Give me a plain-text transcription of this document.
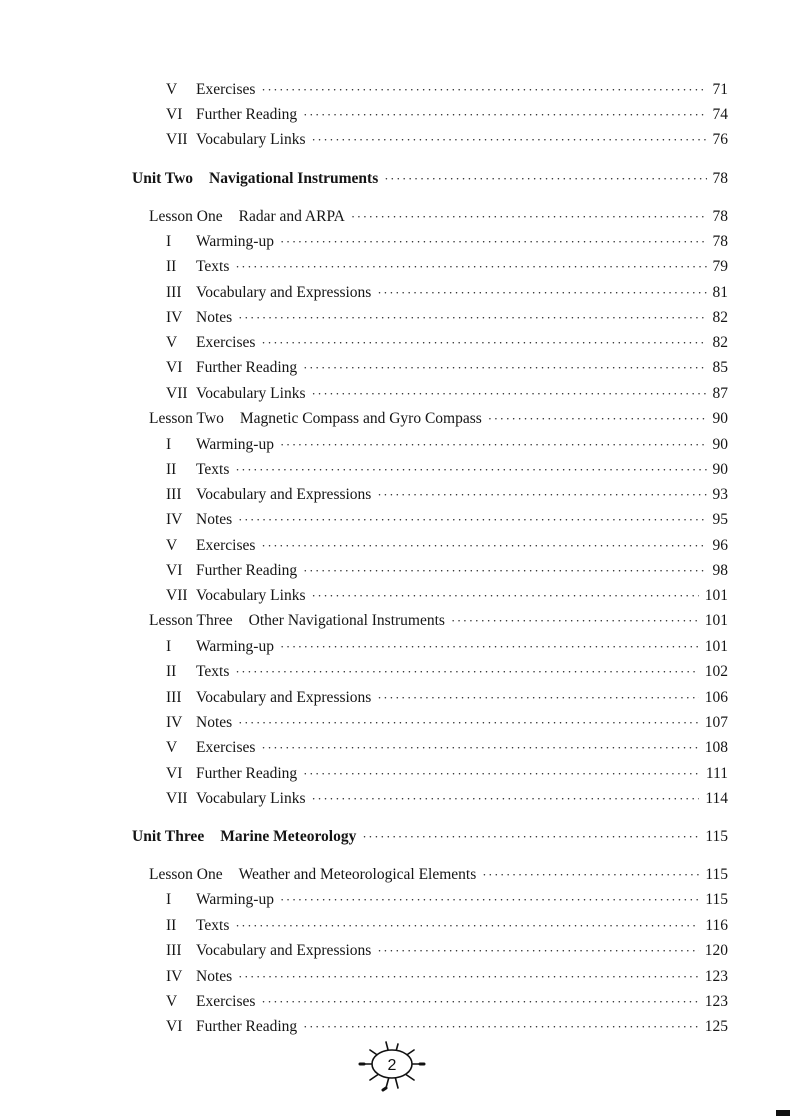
V	Exercises ·····	71
VI Further Reading ·····	74
VII Vocabulary Links ·····	76
Unit Two Navigational Instruments ·····	78
Lesson One Radar and ARPA ·····	78
I	Warming-up ·····	78
II	Texts ·····	79
III Vocabulary and Expressions ·····	81
IV Notes ·····	82
V	Exercises ·····	82
VI Further Reading ·····	85
VII Vocabulary Links ·····	87
Lesson Two Magnetic Compass and Gyro Compass ·····	90
I	Warming-up ·····	90
II	Texts ·····	90
III Vocabulary and Expressions ·····	93
IV Notes ·····	95
V	Exercises ·····	96
VI Further Reading ·····	98
VII Vocabulary Links ·····	101
Lesson Three Other Navigational Instruments ·····	101
I	Warming-up ·····	101
II	Texts ·····	102
III Vocabulary and Expressions ·····	106
IV Notes ·····	107
V	Exercises ·····	108
VI Further Reading ·····	111
VII Vocabulary Links ·····	114
Unit Three Marine Meteorology ·····	115
Lesson One Weather and Meteorological Elements ·····	115
I	Warming-up ·····	115
II	Texts ·····	116
III Vocabulary and Expressions ·····	120
IV Notes ·····	123
V	Exercises ·····	123
VI Further Reading ·····	125
2
